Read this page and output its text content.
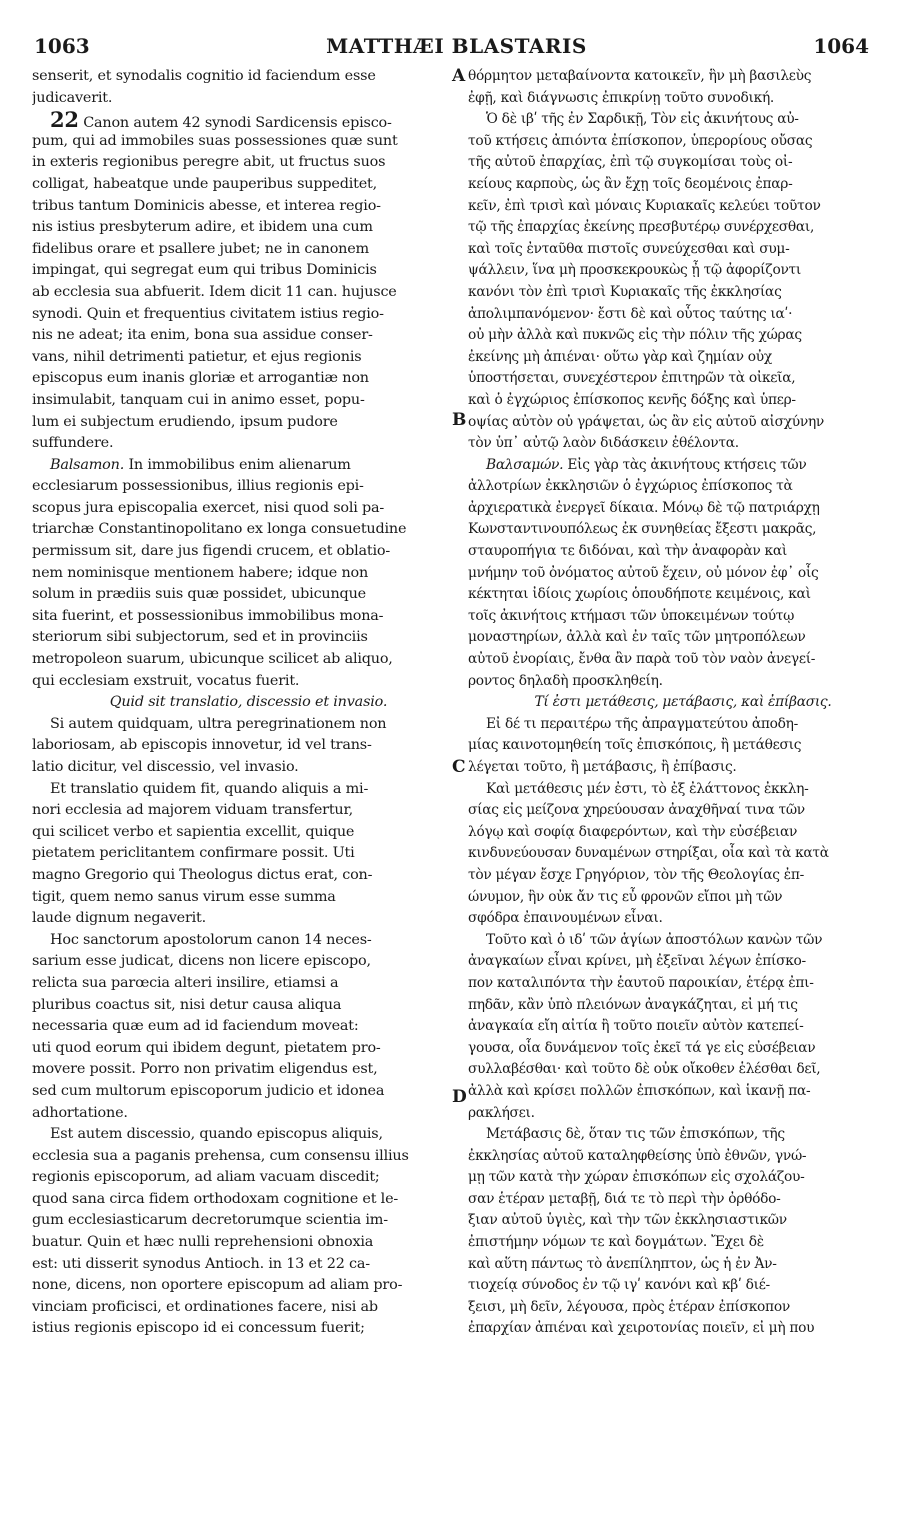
1063	MATTHÆI BLASTARIS	1064
A
B
C
D
senserit, et synodalis cognitio id faciendum esse
judicaverit.
22 Canon autem 42 synodi Sardicensis episco-
pum, qui ad immobiles suas possessiones quæ sunt
in exteris regionibus peregre abit, ut fructus suos
colligat, habeatque unde pauperibus suppeditet,
tribus tantum Dominicis abesse, et interea regio-
nis istius presbyterum adire, et ibidem una cum
fidelibus orare et psallere jubet; ne in canonem
impingat, qui segregat eum qui tribus Dominicis
ab ecclesia sua abfuerit. Idem dicit 11 can. hujusce
synodi. Quin et frequentius civitatem istius regio-
nis ne adeat; ita enim, bona sua assidue conser-
vans, nihil detrimenti patietur, et ejus regionis
episcopus eum inanis gloriæ et arrogantiæ non
insimulabit, tanquam cui in animo esset, popu-
lum ei subjectum erudiendo, ipsum pudore
suffundere.
Balsamon. In immobilibus enim alienarum
ecclesiarum possessionibus, illius regionis epi-
scopus jura episcopalia exercet, nisi quod soli pa-
triarchæ Constantinopolitano ex longa consuetudine
permissum sit, dare jus figendi crucem, et oblatio-
nem nominisque mentionem habere; idque non
solum in prædiis suis quæ possidet, ubicunque
sita fuerint, et possessionibus immobilibus mona-
steriorum sibi subjectorum, sed et in provinciis
metropoleon suarum, ubicunque scilicet ab aliquo,
qui ecclesiam exstruit, vocatus fuerit.
Quid sit translatio, discessio et invasio.
Si autem quidquam, ultra peregrinationem non
laboriosam, ab episcopis innovetur, id vel trans-
latio dicitur, vel discessio, vel invasio.
Et translatio quidem fit, quando aliquis a mi-
nori ecclesia ad majorem viduam transfertur,
qui scilicet verbo et sapientia excellit, quique
pietatem periclitantem confirmare possit. Uti
magno Gregorio qui Theologus dictus erat, con-
tigit, quem nemo sanus virum esse summa
laude dignum negaverit.
Hoc sanctorum apostolorum canon 14 neces-
sarium esse judicat, dicens non licere episcopo,
relicta sua parœcia alteri insilire, etiamsi a
pluribus coactus sit, nisi detur causa aliqua
necessaria quæ eum ad id faciendum moveat:
uti quod eorum qui ibidem degunt, pietatem pro-
movere possit. Porro non privatim eligendus est,
sed cum multorum episcoporum judicio et idonea
adhortatione.
Est autem discessio, quando episcopus aliquis,
ecclesia sua a paganis prehensa, cum consensu illius
regionis episcoporum, ad aliam vacuam discedit;
quod sana circa fidem orthodoxam cognitione et le-
gum ecclesiasticarum decretorumque scientia im-
buatur. Quin et hæc nulli reprehensioni obnoxia
est: uti disserit synodus Antioch. in 13 et 22 ca-
none, dicens, non oportere episcopum ad aliam pro-
vinciam proficisci, et ordinationes facere, nisi ab
istius regionis episcopo id ei concessum fuerit;
θόρμητον μεταβαίνοντα κατοικεῖν, ἣν μὴ βασιλεὺς
ἐφῇ, καὶ διάγνωσις ἐπικρίνῃ τοῦτο συνοδική.
Ὁ δὲ ιβʹ τῆς ἐν Σαρδικῇ, Τὸν εἰς ἀκινήτους αὐ-
τοῦ κτήσεις ἀπιόντα ἐπίσκοπον, ὑπερορίους οὔσας
τῆς αὐτοῦ ἐπαρχίας, ἐπὶ τῷ συγκομίσαι τοὺς οἰ-
κείους καρποὺς, ὡς ἂν ἔχῃ τοῖς δεομένοις ἐπαρ-
κεῖν, ἐπὶ τρισὶ καὶ μόναις Κυριακαῖς κελεύει τοῦτον
τῷ τῆς ἐπαρχίας ἐκείνης πρεσβυτέρῳ συνέρχεσθαι,
καὶ τοῖς ἐνταῦθα πιστοῖς συνεύχεσθαι καὶ συμ-
ψάλλειν, ἵνα μὴ προσκεκρουκὼς ᾖ τῷ ἀφορίζοντι
κανόνι τὸν ἐπὶ τρισὶ Κυριακαῖς τῆς ἐκκλησίας
ἀπολιμπανόμενον· ἔστι δὲ καὶ οὗτος ταύτης ιαʹ·
οὐ μὴν ἀλλὰ καὶ πυκνῶς εἰς τὴν πόλιν τῆς χώρας
ἐκείνης μὴ ἀπιέναι· οὕτω γὰρ καὶ ζημίαν οὐχ
ὑποστήσεται, συνεχέστερον ἐπιτηρῶν τὰ οἰκεῖα,
καὶ ὁ ἐγχώριος ἐπίσκοπος κενῆς δόξης καὶ ὑπερ-
οψίας αὐτὸν οὐ γράψεται, ὡς ἂν εἰς αὐτοῦ αἰσχύνην
τὸν ὑπ᾽ αὐτῷ λαὸν διδάσκειν ἐθέλοντα.
Βαλσαμών. Εἰς γὰρ τὰς ἀκινήτους κτήσεις τῶν
ἀλλοτρίων ἐκκλησιῶν ὁ ἐγχώριος ἐπίσκοπος τὰ
ἀρχιερατικὰ ἐνεργεῖ δίκαια. Μόνῳ δὲ τῷ πατριάρχῃ
Κωνσταντινουπόλεως ἐκ συνηθείας ἔξεστι μακρᾶς,
σταυροπήγια τε διδόναι, καὶ τὴν ἀναφορὰν καὶ
μνήμην τοῦ ὀνόματος αὐτοῦ ἔχειν, οὐ μόνον ἐφ᾽ οἷς
κέκτηται ἰδίοις χωρίοις ὁπουδήποτε κειμένοις, καὶ
τοῖς ἀκινήτοις κτήμασι τῶν ὑποκειμένων τούτῳ
μοναστηρίων, ἀλλὰ καὶ ἐν ταῖς τῶν μητροπόλεων
αὐτοῦ ἐνορίαις, ἔνθα ἂν παρὰ τοῦ τὸν ναὸν ἀνεγεί-
ροντος δηλαδὴ προσκληθείη.
Τί ἐστι μετάθεσις, μετάβασις, καὶ ἐπίβασις.
Εἰ δέ τι περαιτέρω τῆς ἀπραγματεύτου ἀποδη-
μίας καινοτομηθείη τοῖς ἐπισκόποις, ἢ μετάθεσις
λέγεται τοῦτο, ἢ μετάβασις, ἢ ἐπίβασις.
Καὶ μετάθεσις μέν ἐστι, τὸ ἐξ ἐλάττονος ἐκκλη-
σίας εἰς μείζονα χηρεύουσαν ἀναχθῆναί τινα τῶν
λόγῳ καὶ σοφίᾳ διαφερόντων, καὶ τὴν εὐσέβειαν
κινδυνεύουσαν δυναμένων στηρίξαι, οἷα καὶ τὰ κατὰ
τὸν μέγαν ἔσχε Γρηγόριον, τὸν τῆς Θεολογίας ἐπ-
ώνυμον, ἣν οὐκ ἄν τις εὖ φρονῶν εἴποι μὴ τῶν
σφόδρα ἐπαινουμένων εἶναι.
Τοῦτο καὶ ὁ ιδʹ τῶν ἁγίων ἀποστόλων κανὼν τῶν
ἀναγκαίων εἶναι κρίνει, μὴ ἐξεῖναι λέγων ἐπίσκο-
πον καταλιπόντα τὴν ἑαυτοῦ παροικίαν, ἑτέρᾳ ἐπι-
πηδᾶν, κἂν ὑπὸ πλειόνων ἀναγκάζηται, εἰ μή τις
ἀναγκαία εἴη αἰτία ἢ τοῦτο ποιεῖν αὐτὸν κατεπεί-
γουσα, οἷα δυνάμενον τοῖς ἐκεῖ τά γε εἰς εὐσέβειαν
συλλαβέσθαι· καὶ τοῦτο δὲ οὐκ οἴκοθεν ἑλέσθαι δεῖ,
ἀλλὰ καὶ κρίσει πολλῶν ἐπισκόπων, καὶ ἱκανῇ πα-
ρακλήσει.
Μετάβασις δὲ, ὅταν τις τῶν ἐπισκόπων, τῆς
ἐκκλησίας αὐτοῦ καταληφθείσης ὑπὸ ἐθνῶν, γνώ-
μῃ τῶν κατὰ τὴν χώραν ἐπισκόπων εἰς σχολάζου-
σαν ἑτέραν μεταβῇ, διά τε τὸ περὶ τὴν ὀρθόδο-
ξιαν αὐτοῦ ὑγιὲς, καὶ τὴν τῶν ἐκκλησιαστικῶν
ἐπιστήμην νόμων τε καὶ δογμάτων. Ἔχει δὲ
καὶ αὕτη πάντως τὸ ἀνεπίληπτον, ὡς ἡ ἐν Ἀν-
τιοχείᾳ σύνοδος ἐν τῷ ιγʹ κανόνι καὶ κβʹ διέ-
ξεισι, μὴ δεῖν, λέγουσα, πρὸς ἑτέραν ἐπίσκοπον
ἐπαρχίαν ἀπιέναι καὶ χειροτονίας ποιεῖν, εἰ μὴ που
